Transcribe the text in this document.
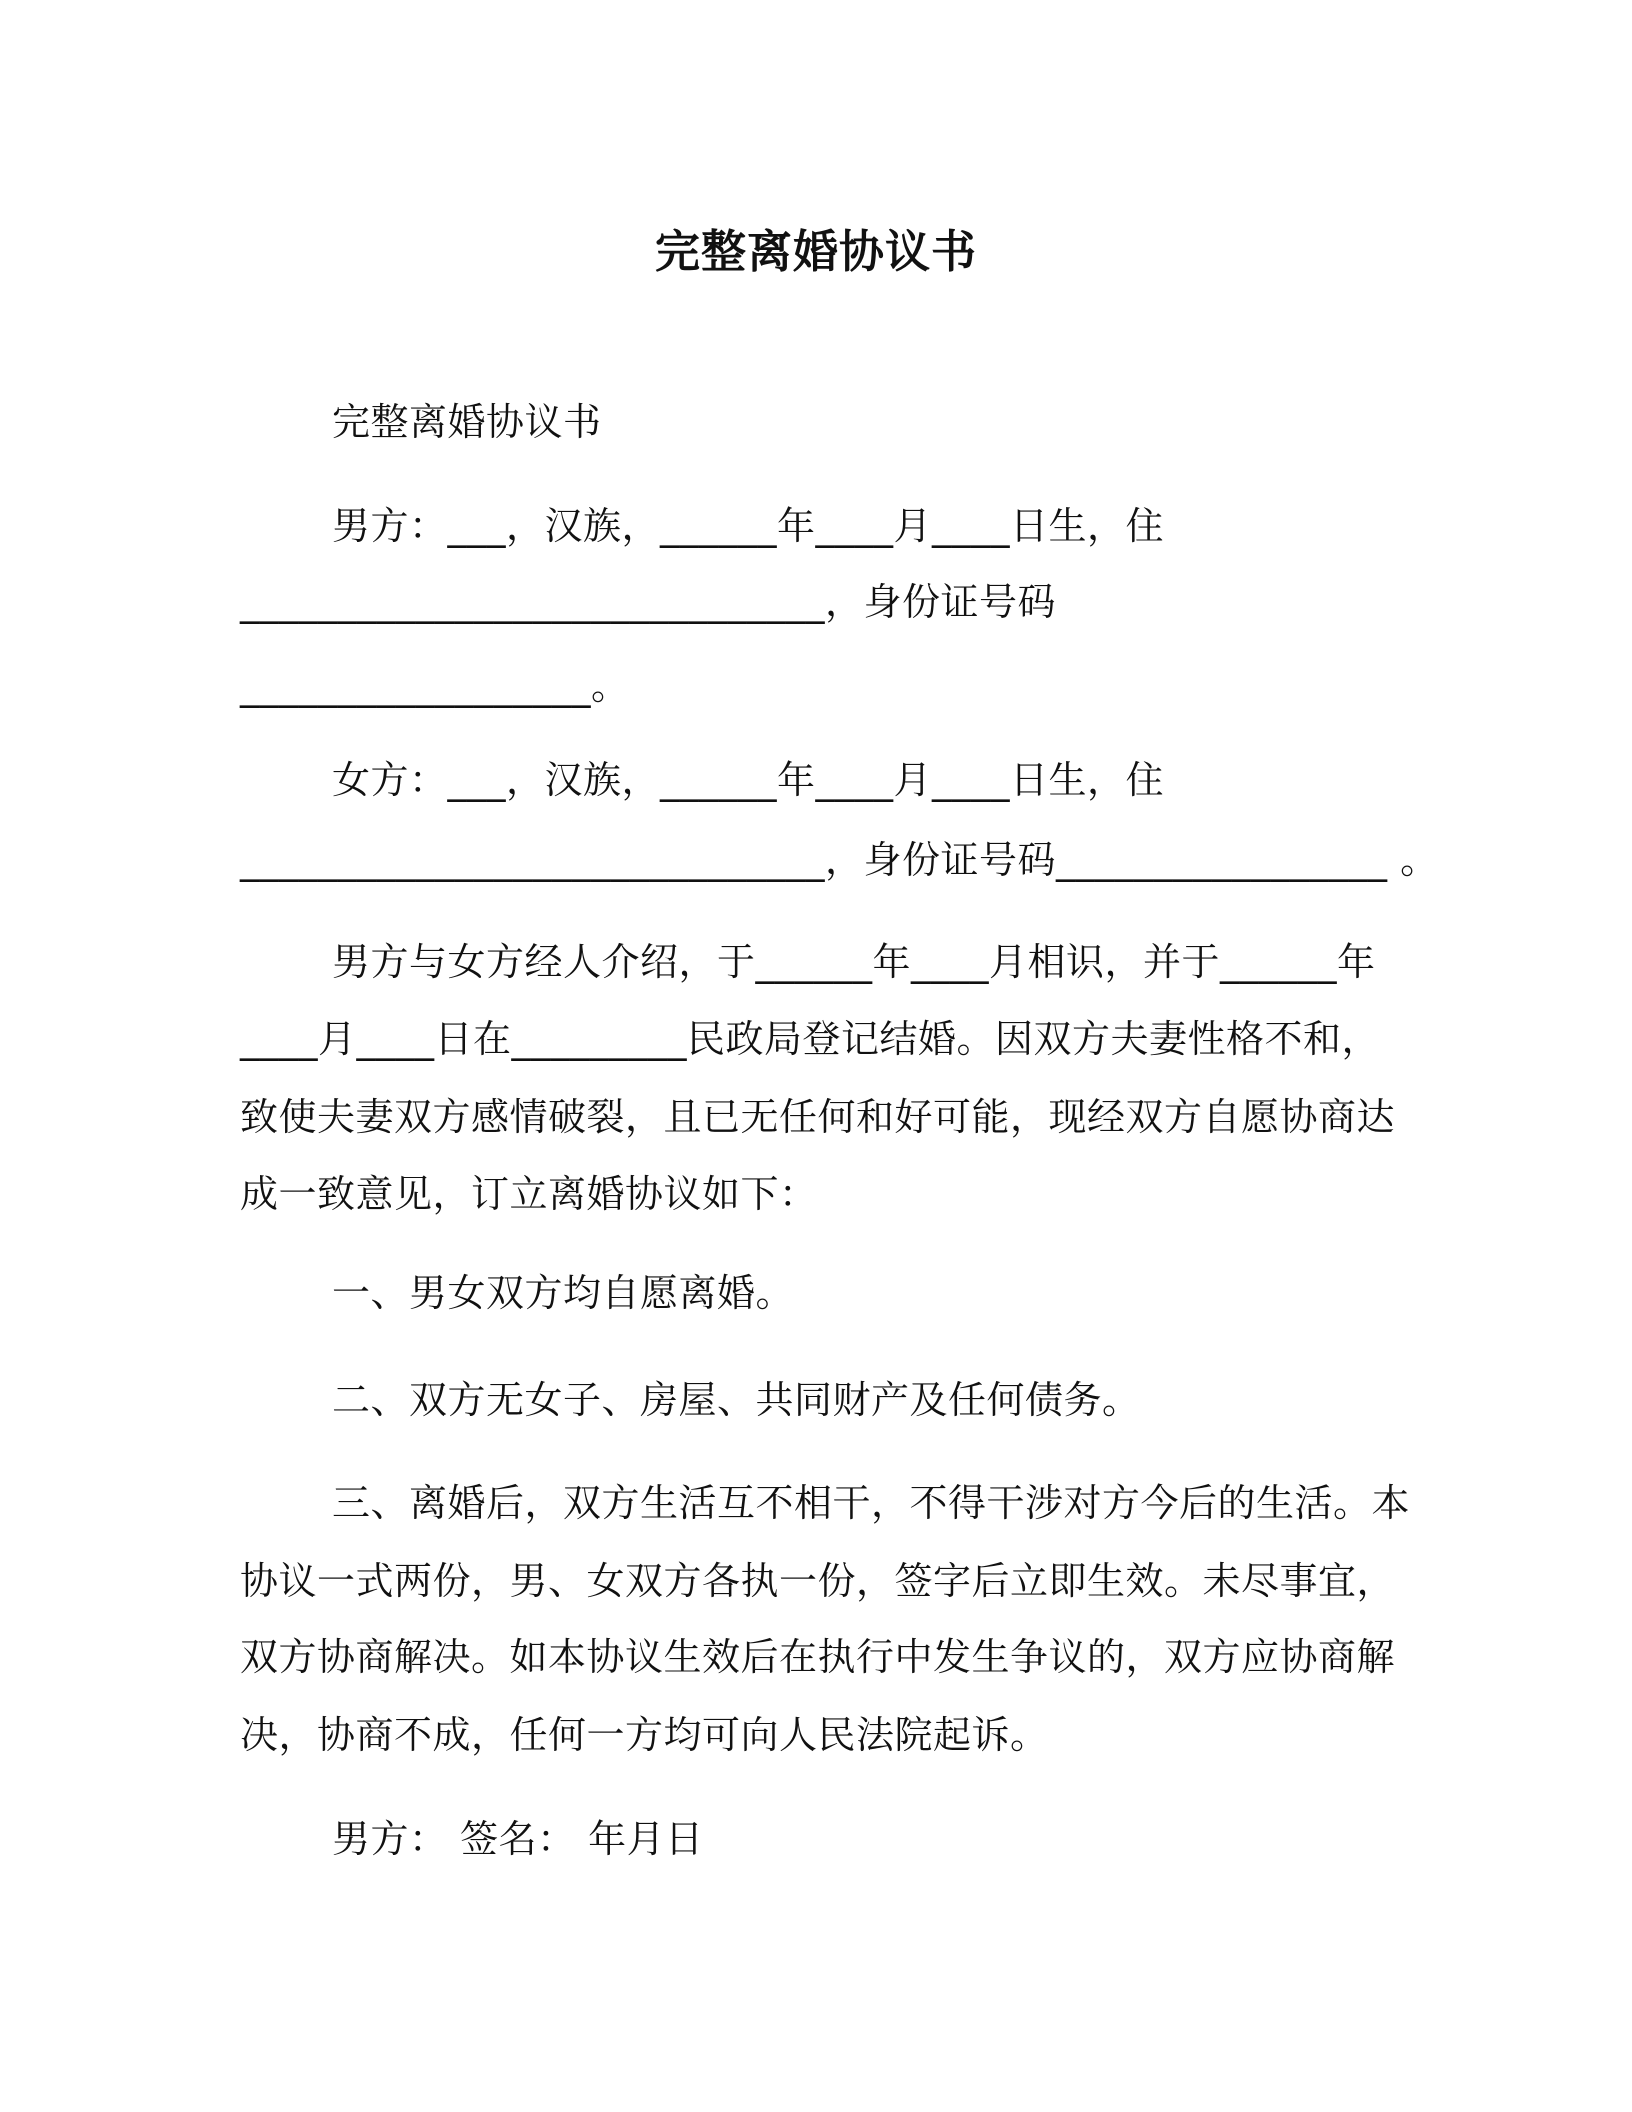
完整离婚协议书
完整离婚协议书
男方：___，汉族，______年____月____日生，住
______________________________，身份证号码
__________________。
女方：___，汉族，______年____月____日生，住
______________________________，身份证号码_________________ 。
男方与女方经人介绍，于______年____月相识，并于______年
____月____日在_________民政局登记结婚。因双方夫妻性格不和，
致使夫妻双方感情破裂，且已无任何和好可能，现经双方自愿协商达
成一致意见，订立离婚协议如下：
一、男女双方均自愿离婚。
二、双方无女子、房屋、共同财产及任何债务。
三、离婚后，双方生活互不相干，不得干涉对方今后的生活。本
协议一式两份，男、女双方各执一份，签字后立即生效。未尽事宜，
双方协商解决。如本协议生效后在执行中发生争议的，双方应协商解
决，协商不成，任何一方均可向人民法院起诉。
男方： 签名： 年月日
